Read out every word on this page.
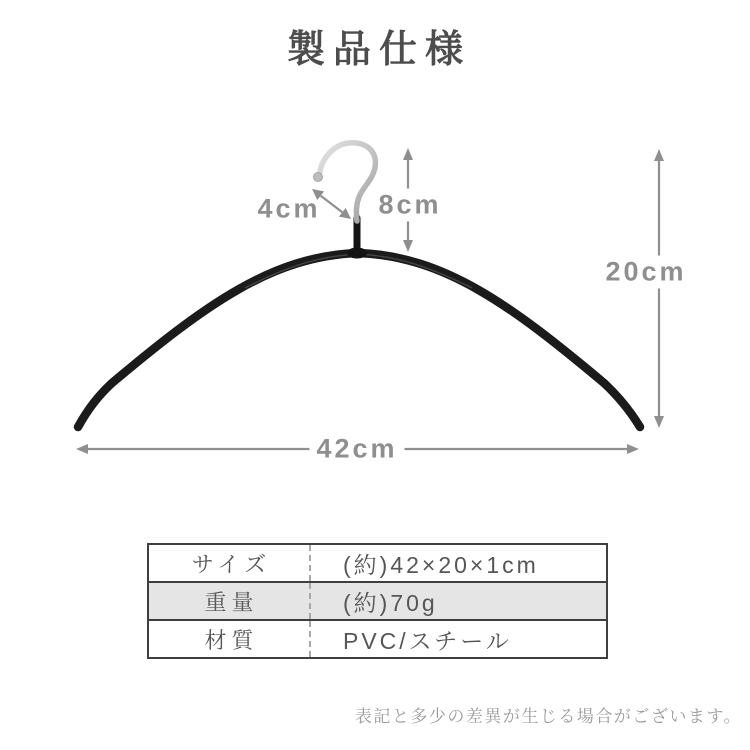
製品仕様
4cm 8cm
20cm
42cm
サイズ	(約)42×20×1cm
重量	(約)70g
材質	PVC/スチール
表記と多少の差異が生じる場合がございます。
